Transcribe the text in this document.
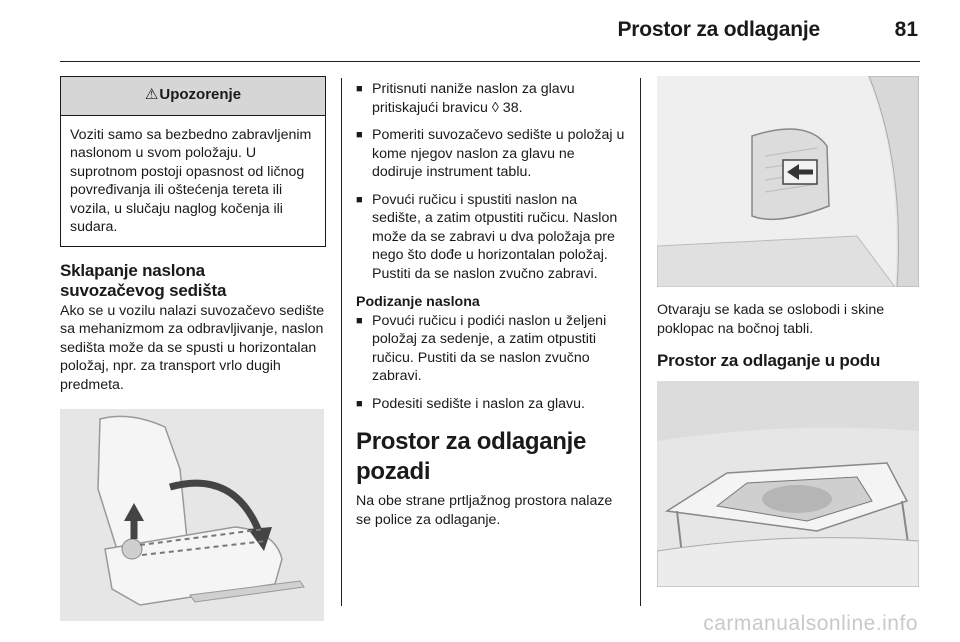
Prostor za odlaganje	81
⚠Upozorenje
Voziti samo sa bezbedno zabravljenim naslonom u svom položaju. U suprotnom postoji opasnost od ličnog povređivanja ili oštećenja tereta ili vozila, u slučaju naglog kočenja ili sudara.
Sklapanje naslona
suvozačevog sedišta

Ako se u vozilu nalazi suvozačevo sedište sa mehanizmom za odbravljivanje, naslon sedišta može da se spusti u horizontalan položaj, npr. za transport vrlo dugih predmeta.

■ Pritisnuti naniže naslon za glavu pritiskajući bravicu ◊ 38.
■ Pomeriti suvozačevo sedište u položaj u kome njegov naslon za glavu ne dodiruje instrument tablu.
■ Povući ručicu i spustiti naslon na sedište, a zatim otpustiti ručicu. Naslon može da se zabravi u dva položaja pre nego što dođe u horizontalan položaj. Pustiti da se naslon zvučno zabravi.
Podizanje naslona
■ Povući ručicu i podići naslon u željeni položaj za sedenje, a zatim otpustiti ručicu. Pustiti da se naslon zvučno zabravi.
■ Podesiti sedište i naslon za glavu.
Prostor za odlaganje
pozadi

Na obe strane prtljažnog prostora nalaze se police za odlaganje.

Otvaraju se kada se oslobodi i skine poklopac na bočnoj tabli.

Prostor za odlaganje u podu
carmanualsonline.info
